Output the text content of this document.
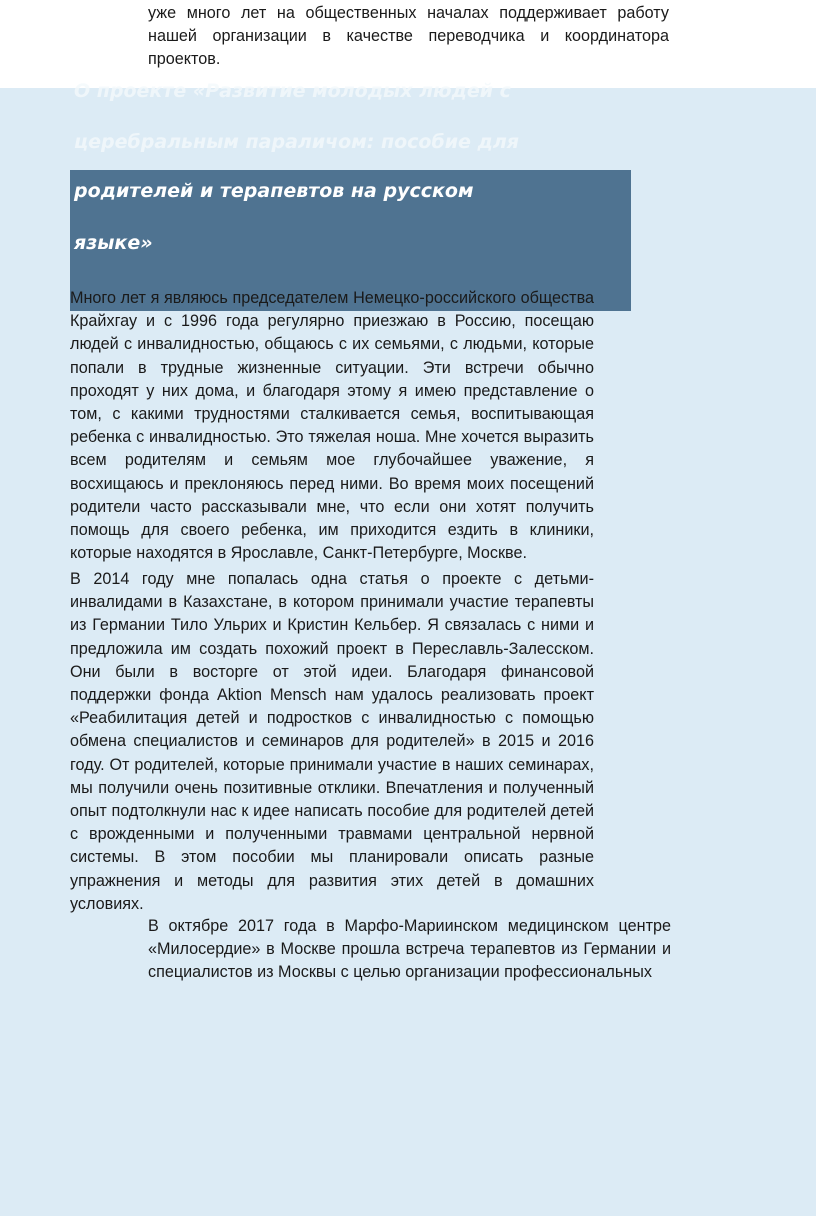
уже много лет на общественных началах поддерживает работу нашей организации в качестве переводчика и координатора проектов.

О проекте «Развитие молодых людей с

церебральным параличом: пособие для

родителей и терапевтов на русском

языке»

Много лет я являюсь председателем Немецко-российского общества Крайхгау и с 1996 года регулярно приезжаю в Россию, посещаю людей с инвалидностью, общаюсь с их семьями, с людьми, которые попали в трудные жизненные ситуации. Эти встречи обычно проходят у них дома, и благодаря этому я имею представление о том, с какими трудностями сталкивается семья, воспитывающая ребенка с инвалидностью. Это тяжелая ноша. Мне хочется выразить всем родителям и семьям мое глубочайшее уважение, я восхищаюсь и преклоняюсь перед ними. Во время моих посещений родители часто рассказывали мне, что если они хотят получить помощь для своего ребенка, им приходится ездить в клиники, которые находятся в Ярославле, Санкт-Петербурге, Москве.

В 2014 году мне попалась одна статья о проекте с детьми-инвалидами в Казахстане, в котором принимали участие терапевты из Германии Тило Ульрих и Кристин Кельбер. Я связалась с ними и предложила им создать похожий проект в Переславль-Залесском. Они были в восторге от этой идеи. Благодаря финансовой поддержки фонда Aktion Mensch нам удалось реализовать проект «Реабилитация детей и подростков с инвалидностью с помощью обмена специалистов и семинаров для родителей» в 2015 и 2016 году. От родителей, которые принимали участие в наших семинарах, мы получили очень позитивные отклики. Впечатления и полученный опыт подтолкнули нас к идее написать пособие для родителей детей с врожденными и полученными травмами центральной нервной системы. В этом пособии мы планировали описать разные упражнения и методы для развития этих детей в домашних условиях.

В октябре 2017 года в Марфо-Мариинском медицинском центре «Милосердие» в Москве прошла встреча терапевтов из Германии и специалистов из Москвы с целью организации профессиональных
